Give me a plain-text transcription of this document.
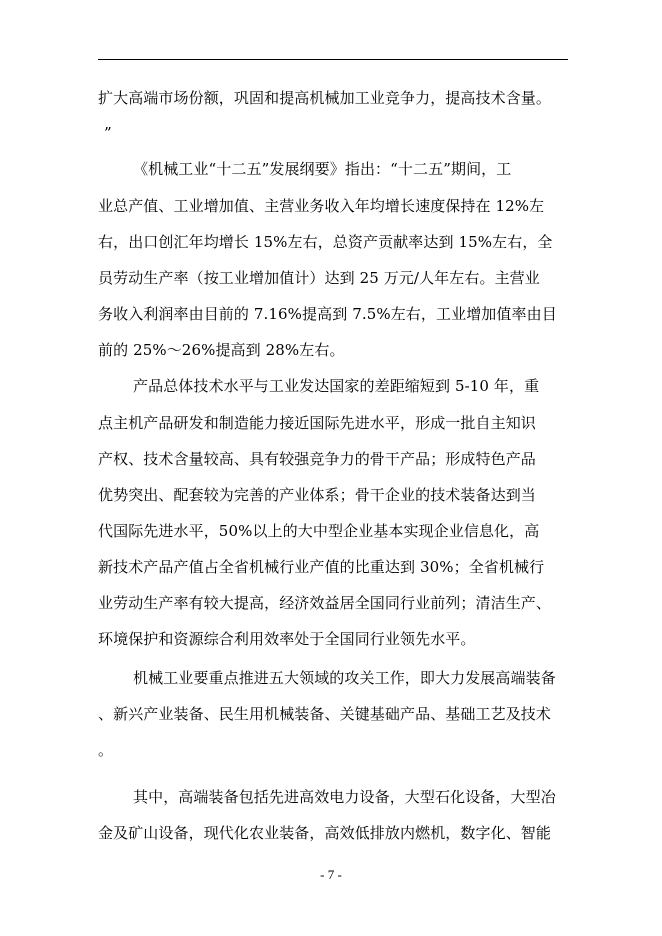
扩大高端市场份额，巩固和提高机械加工业竞争力，提高技术含量。
”
《机械工业“十二五”发展纲要》指出：“十二五”期间，工
业总产值、工业增加值、主营业务收入年均增长速度保持在 12%左
右，出口创汇年均增长 15%左右，总资产贡献率达到 15%左右，全
员劳动生产率（按工业增加值计）达到 25 万元/人年左右。主营业
务收入利润率由目前的 7.16%提高到 7.5%左右，工业增加值率由目
前的 25%～26%提高到 28%左右。
产品总体技术水平与工业发达国家的差距缩短到 5-10 年，重
点主机产品研发和制造能力接近国际先进水平，形成一批自主知识
产权、技术含量较高、具有较强竞争力的骨干产品；形成特色产品
优势突出、配套较为完善的产业体系；骨干企业的技术装备达到当
代国际先进水平，50%以上的大中型企业基本实现企业信息化，高
新技术产品产值占全省机械行业产值的比重达到 30%；全省机械行
业劳动生产率有较大提高，经济效益居全国同行业前列；清洁生产、
环境保护和资源综合利用效率处于全国同行业领先水平。
机械工业要重点推进五大领域的攻关工作，即大力发展高端装备
、新兴产业装备、民生用机械装备、关键基础产品、基础工艺及技术
。
其中，高端装备包括先进高效电力设备，大型石化设备，大型冶
金及矿山设备，现代化农业装备，高效低排放内燃机，数字化、智能
- 7 -
